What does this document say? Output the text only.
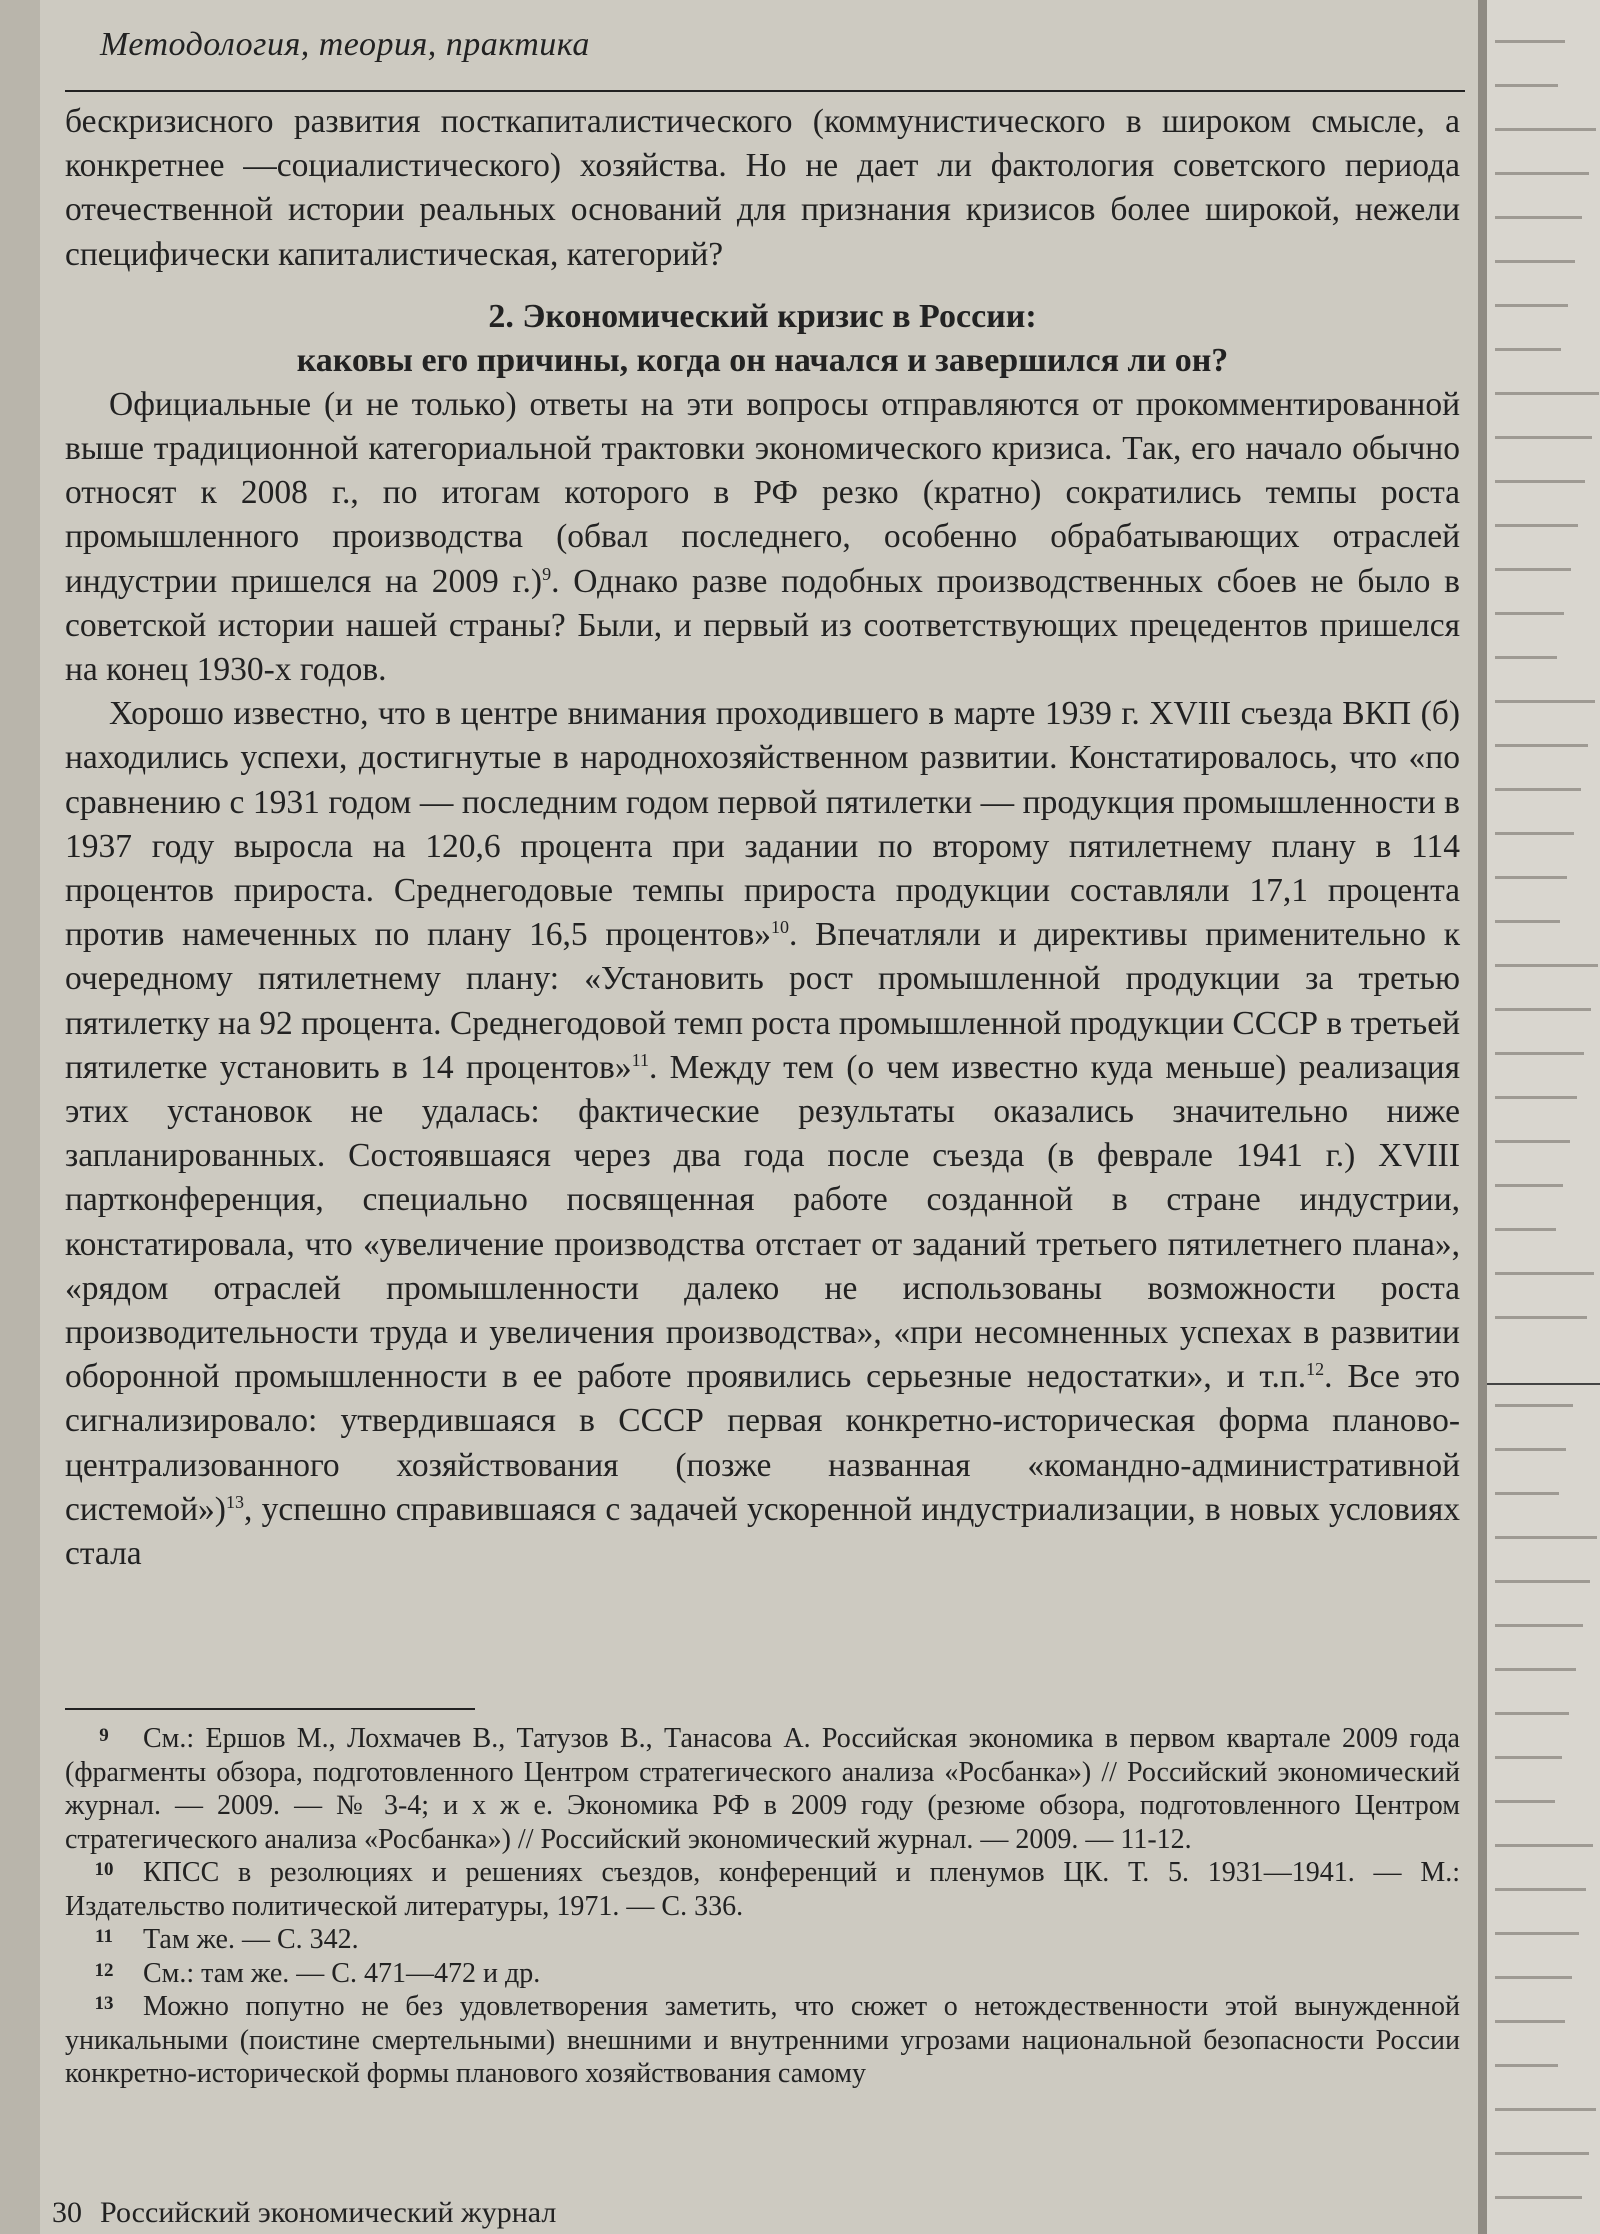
Методология, теория, практика

бескризисного развития посткапиталистического (коммунистического в широком смысле, а конкретнее —социалистического) хозяйства. Но не дает ли фактология советского периода отечественной истории реальных оснований для признания кризисов более широкой, нежели специфически капиталистическая, категорий?

2. Экономический кризис в России:
каковы его причины, когда он начался и завершился ли он?

Официальные (и не только) ответы на эти вопросы отправляются от прокомментированной выше традиционной категориальной трактовки экономического кризиса. Так, его начало обычно относят к 2008 г., по итогам которого в РФ резко (кратно) сократились темпы роста промышленного производства (обвал последнего, особенно обрабатывающих отраслей индустрии пришелся на 2009 г.)$^9$. Однако разве подобных производственных сбоев не было в советской истории нашей страны? Были, и первый из соответствующих прецедентов пришелся на конец 1930-х годов.

Хорошо известно, что в центре внимания проходившего в марте 1939 г. XVIII съезда ВКП (б) находились успехи, достигнутые в народнохозяйственном развитии. Констатировалось, что «по сравнению с 1931 годом — последним годом первой пятилетки — продукция промышленности в 1937 году выросла на 120,6 процента при задании по второму пятилетнему плану в 114 процентов прироста. Среднегодовые темпы прироста продукции составляли 17,1 процента против намеченных по плану 16,5 процентов»$^{10}$. Впечатляли и директивы применительно к очередному пятилетнему плану: «Установить рост промышленной продукции за третью пятилетку на 92 процента. Среднегодовой темп роста промышленной продукции СССР в третьей пятилетке установить в 14 процентов»$^{11}$. Между тем (о чем известно куда меньше) реализация этих установок не удалась: фактические результаты оказались значительно ниже запланированных. Состоявшаяся через два года после съезда (в феврале 1941 г.) XVIII партконференция, специально посвященная работе созданной в стране индустрии, констатировала, что «увеличение производства отстает от заданий третьего пятилетнего плана», «рядом отраслей промышленности далеко не использованы возможности роста производительности труда и увеличения производства», «при несомненных успехах в развитии оборонной промышленности в ее работе проявились серьезные недостатки», и т.п.$^{12}$. Все это сигнализировало: утвердившаяся в СССР первая конкретно-историческая форма планово-централизованного хозяйствования (позже названная «командно-административной системой»)$^{13}$, успешно справившаяся с задачей ускоренной индустриализации, в новых условиях стала

9 См.: Ершов М., Лохмачев В., Татузов В., Танасова А. Российская экономика в первом квартале 2009 года (фрагменты обзора, подготовленного Центром стратегического анализа «Росбанка») // Российский экономический журнал. — 2009. — № 3-4; и х ж е. Экономика РФ в 2009 году (резюме обзора, подготовленного Центром стратегического анализа «Росбанка») // Российский экономический журнал. — 2009. — 11-12.

10 КПСС в резолюциях и решениях съездов, конференций и пленумов ЦК. Т. 5. 1931—1941. — М.: Издательство политической литературы, 1971. — С. 336.

11 Там же. — С. 342.

12 См.: там же. — С. 471—472 и др.

13 Можно попутно не без удовлетворения заметить, что сюжет о нетождественности этой вынужденной уникальными (поистине смертельными) внешними и внутренними угрозами национальной безопасности России конкретно-исторической формы планового хозяйствования самому

30 Российский экономический журнал
